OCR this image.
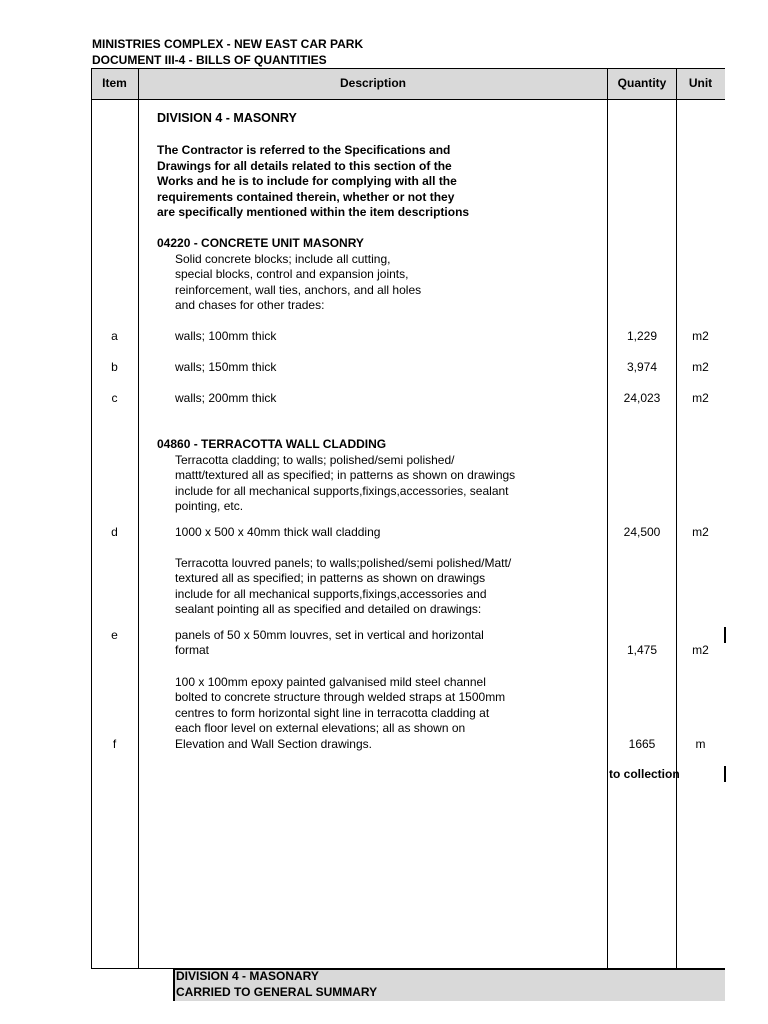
MINISTRIES COMPLEX - NEW EAST CAR PARK
DOCUMENT III-4 - BILLS OF QUANTITIES
Item	Description	Quantity	Unit
DIVISION 4 - MASONRY
The Contractor is referred to the Specifications and
Drawings for all details related to this section of the
Works and he is to include for complying with all the
requirements contained therein, whether or not they
are specifically mentioned within the item descriptions
04220 - CONCRETE UNIT MASONRY
Solid concrete blocks; include all cutting,
special blocks, control and expansion joints,
reinforcement, wall ties, anchors, and all holes
and chases for other trades:
a	walls; 100mm thick	1,229	m2
b	walls; 150mm thick	3,974	m2
c	walls; 200mm thick	24,023	m2
04860 - TERRACOTTA WALL CLADDING
Terracotta cladding; to walls; polished/semi polished/
mattt/textured all as specified; in patterns as shown on drawings
include for all mechanical supports,fixings,accessories, sealant
pointing, etc.
d	1000 x 500 x 40mm thick wall cladding	24,500	m2
Terracotta louvred panels; to walls;polished/semi polished/Matt/
textured all as specified; in patterns as shown on drawings
include for all mechanical supports,fixings,accessories and
sealant pointing all as specified and detailed on drawings:
e	panels of 50 x 50mm louvres, set in vertical and horizontal
format	1,475	m2
100 x 100mm epoxy painted galvanised mild steel channel
bolted to concrete structure through welded straps at 1500mm
centres to form horizontal sight line in terracotta cladding at
each floor level on external elevations; all as shown on
f	Elevation and Wall Section drawings.	1665	m
to collection
DIVISION 4 - MASONARY
CARRIED TO GENERAL SUMMARY
